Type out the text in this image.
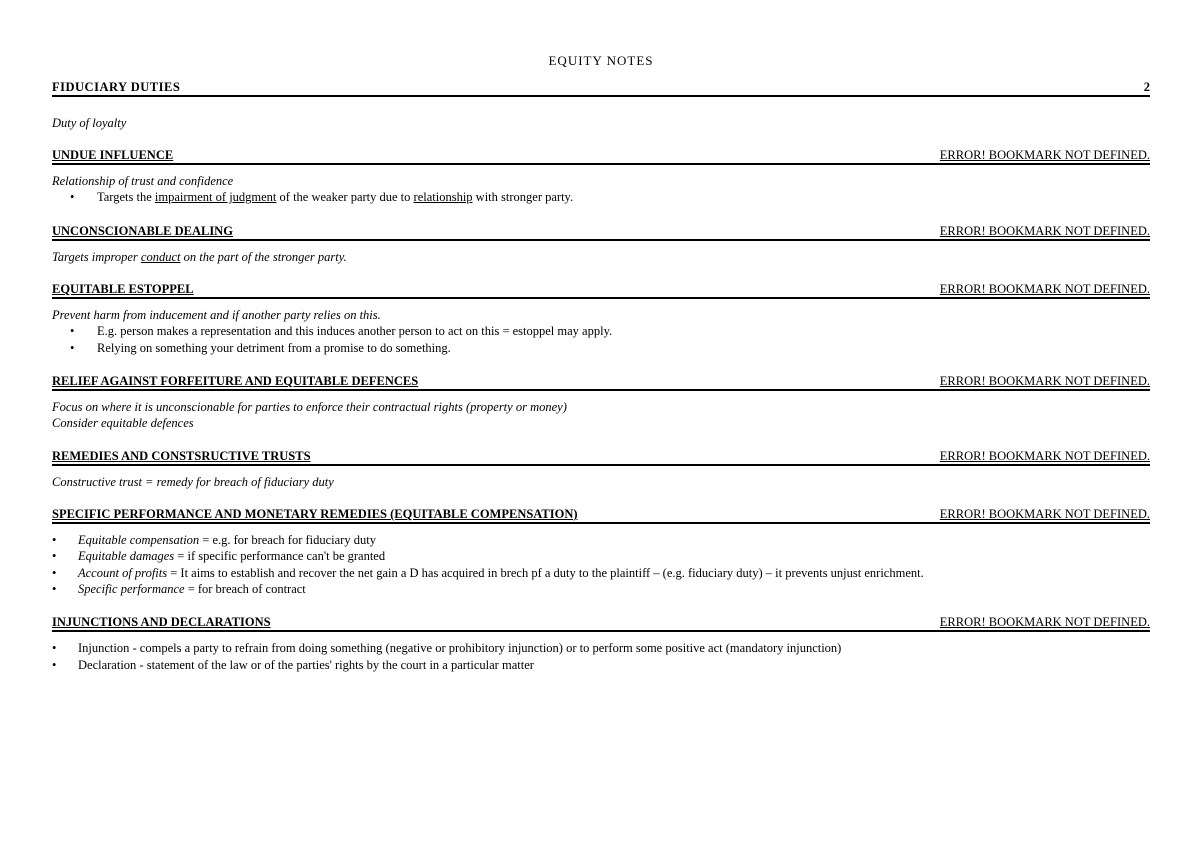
EQUITY NOTES
FIDUCIARY DUTIES	2
Duty of loyalty
UNDUE INFLUENCE	ERROR! BOOKMARK NOT DEFINED.
Relationship of trust and confidence
• Targets the impairment of judgment of the weaker party due to relationship with stronger party.
UNCONSCIONABLE DEALING	ERROR! BOOKMARK NOT DEFINED.
Targets improper conduct on the part of the stronger party.
EQUITABLE ESTOPPEL	ERROR! BOOKMARK NOT DEFINED.
Prevent harm from inducement and if another party relies on this.
• E.g. person makes a representation and this induces another person to act on this = estoppel may apply.
• Relying on something your detriment from a promise to do something.
RELIEF AGAINST FORFEITURE AND EQUITABLE DEFENCES	ERROR! BOOKMARK NOT DEFINED.
Focus on where it is unconscionable for parties to enforce their contractual rights (property or money)
Consider equitable defences
REMEDIES AND CONSTSRUCTIVE TRUSTS	ERROR! BOOKMARK NOT DEFINED.
Constructive trust = remedy for breach of fiduciary duty
SPECIFIC PERFORMANCE AND MONETARY REMEDIES (EQUITABLE COMPENSATION)	ERROR! BOOKMARK NOT DEFINED.
• Equitable compensation = e.g. for breach for fiduciary duty
• Equitable damages = if specific performance can't be granted
• Account of profits = It aims to establish and recover the net gain a D has acquired in brech pf a duty to the plaintiff – (e.g. fiduciary duty) – it prevents unjust enrichment.
• Specific performance = for breach of contract
INJUNCTIONS AND DECLARATIONS	ERROR! BOOKMARK NOT DEFINED.
• Injunction - compels a party to refrain from doing something (negative or prohibitory injunction) or to perform some positive act (mandatory injunction)
• Declaration - statement of the law or of the parties' rights by the court in a particular matter
